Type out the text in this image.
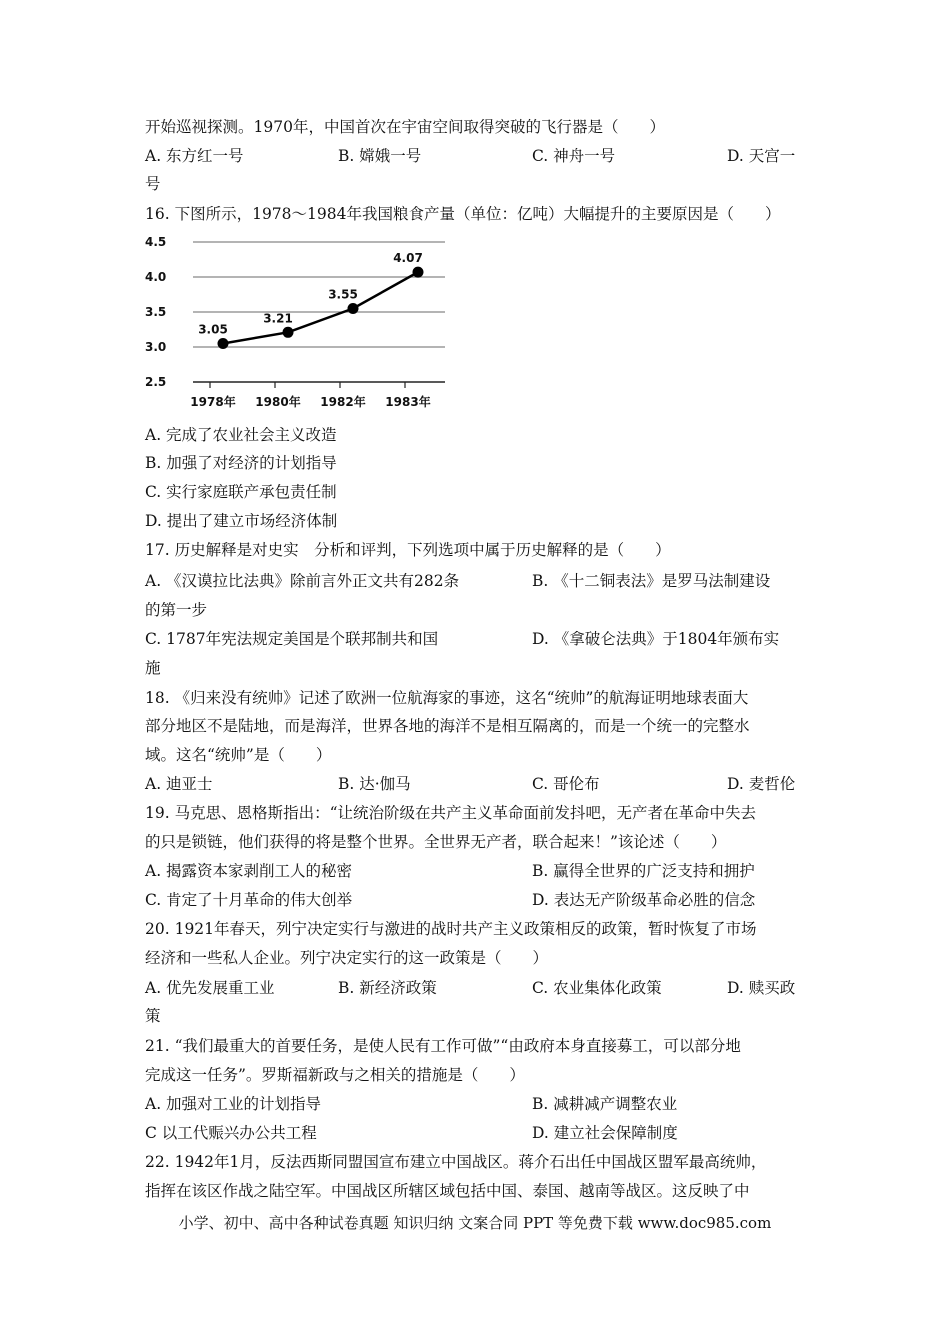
开始巡视探测。1970年，中国首次在宇宙空间取得突破的飞行器是（　　）
A. 东方红一号	B. 嫦娥一号	C. 神舟一号	D. 天宫一
号
16. 下图所示，1978～1984年我国粮食产量（单位：亿吨）大幅提升的主要原因是（　　）
4.5
4.0
3.5
3.0
2.5
3.05
3.21
3.55
4.07
1978年 1980年 1982年 1983年
A. 完成了农业社会主义改造
B. 加强了对经济的计划指导
C. 实行家庭联产承包责任制
D. 提出了建立市场经济体制
17. 历史解释是对史实　分析和评判，下列选项中属于历史解释的是（　　）
A. 《汉谟拉比法典》除前言外正文共有282条	B. 《十二铜表法》是罗马法制建设
的第一步
C. 1787年宪法规定美国是个联邦制共和国	D. 《拿破仑法典》于1804年颁布实
施
18. 《归来没有统帅》记述了欧洲一位航海家的事迹，这名“统帅”的航海证明地球表面大
部分地区不是陆地，而是海洋，世界各地的海洋不是相互隔离的，而是一个统一的完整水
域。这名“统帅”是（　　）
A. 迪亚士	B. 达·伽马	C. 哥伦布	D. 麦哲伦
19. 马克思、恩格斯指出：“让统治阶级在共产主义革命面前发抖吧，无产者在革命中失去
的只是锁链，他们获得的将是整个世界。全世界无产者，联合起来！”该论述（　　）
A. 揭露资本家剥削工人的秘密	B. 赢得全世界的广泛支持和拥护
C. 肯定了十月革命的伟大创举	D. 表达无产阶级革命必胜的信念
20. 1921年春天，列宁决定实行与激进的战时共产主义政策相反的政策，暂时恢复了市场
经济和一些私人企业。列宁决定实行的这一政策是（　　）
A. 优先发展重工业	B. 新经济政策	C. 农业集体化政策	D. 赎买政
策
21. “我们最重大的首要任务，是使人民有工作可做”“由政府本身直接募工，可以部分地
完成这一任务”。罗斯福新政与之相关的措施是（　　）
A. 加强对工业的计划指导	B. 减耕减产调整农业
C 以工代赈兴办公共工程	D. 建立社会保障制度
22. 1942年1月，反法西斯同盟国宣布建立中国战区。蒋介石出任中国战区盟军最高统帅，
指挥在该区作战之陆空军。中国战区所辖区域包括中国、泰国、越南等战区。这反映了中
小学、初中、高中各种试卷真题 知识归纳 文案合同 PPT 等免费下载 www.doc985.com
